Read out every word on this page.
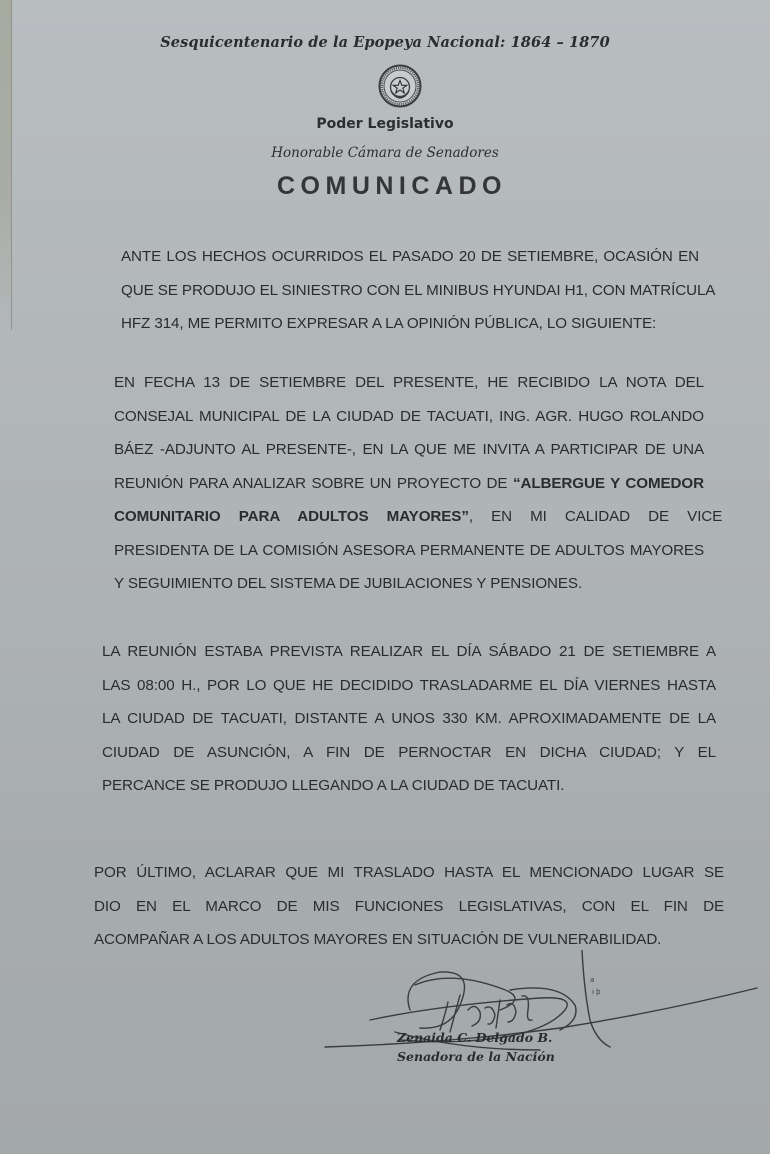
Sesquicentenario de la Epopeya Nacional: 1864 – 1870
Poder Legislativo
Honorable Cámara de Senadores
COMUNICADO
ANTE LOS HECHOS OCURRIDOS EL PASADO 20 DE SETIEMBRE, OCASIÓN EN
QUE SE PRODUJO EL SINIESTRO CON EL MINIBUS HYUNDAI H1, CON MATRÍCULA
HFZ 314, ME PERMITO EXPRESAR A LA OPINIÓN PÚBLICA, LO SIGUIENTE:
EN FECHA 13 DE SETIEMBRE DEL PRESENTE, HE RECIBIDO LA NOTA DEL
CONSEJAL MUNICIPAL DE LA CIUDAD DE TACUATI, ING. AGR. HUGO ROLANDO
BÁEZ -ADJUNTO AL PRESENTE-, EN LA QUE ME INVITA A PARTICIPAR DE UNA
REUNIÓN PARA ANALIZAR SOBRE UN PROYECTO DE “ALBERGUE Y COMEDOR
COMUNITARIO PARA ADULTOS MAYORES”, EN MI CALIDAD DE VICE
PRESIDENTA DE LA COMISIÓN ASESORA PERMANENTE DE ADULTOS MAYORES
Y SEGUIMIENTO DEL SISTEMA DE JUBILACIONES Y PENSIONES.
LA REUNIÓN ESTABA PREVISTA REALIZAR EL DÍA SÁBADO 21 DE SETIEMBRE A
LAS 08:00 H., POR LO QUE HE DECIDIDO TRASLADARME EL DÍA VIERNES HASTA
LA CIUDAD DE TACUATI, DISTANTE A UNOS 330 KM. APROXIMADAMENTE DE LA
CIUDAD DE ASUNCIÓN, A FIN DE PERNOCTAR EN DICHA CIUDAD; Y EL
PERCANCE SE PRODUJO LLEGANDO A LA CIUDAD DE TACUATI.
POR ÚLTIMO, ACLARAR QUE MI TRASLADO HASTA EL MENCIONADO LUGAR SE
DIO EN EL MARCO DE MIS FUNCIONES LEGISLATIVAS, CON EL FIN DE
ACOMPAÑAR A LOS ADULTOS MAYORES EN SITUACIÓN DE VULNERABILIDAD.
a
ı þ
Zenaida C. Delgado B.
Senadora de la Nación
